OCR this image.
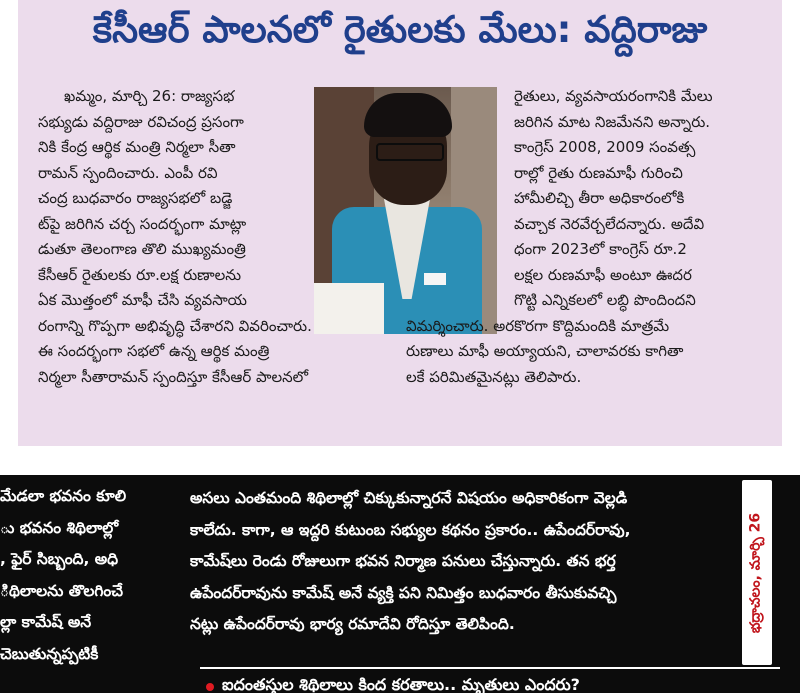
కేసీఆర్ పాలనలో రైతులకు మేలు: వద్దిరాజు
ఖమ్మం, మార్చి 26: రాజ్యసభ
సభ్యుడు వద్దిరాజు రవిచంద్ర ప్రసంగా
నికి కేంద్ర ఆర్థిక మంత్రి నిర్మలా సీతా
రామన్ స్పందించారు. ఎంపీ రవి
చంద్ర బుధవారం రాజ్యసభలో బడ్జె
ట్‌పై జరిగిన చర్చ సందర్భంగా మాట్లా
డుతూ తెలంగాణ తొలి ముఖ్యమంత్రి
కేసీఆర్ రైతులకు రూ.లక్ష రుణాలను
ఏక మొత్తంలో మాఫీ చేసి వ్యవసాయ
రంగాన్ని గొప్పగా అభివృద్ధి చేశారని వివరించారు.
ఈ సందర్భంగా సభలో ఉన్న ఆర్థిక మంత్రి
నిర్మలా సీతారామన్ స్పందిస్తూ కేసీఆర్ పాలనలో
రైతులు, వ్యవసాయరంగానికి మేలు
జరిగిన మాట నిజమేనని అన్నారు.
కాంగ్రెస్ 2008, 2009 సంవత్స
రాల్లో రైతు రుణమాఫీ గురించి
హామీలిచ్చి తీరా అధికారంలోకి
వచ్చాక నెరవేర్చలేదన్నారు. అదేవి
ధంగా 2023లో కాంగ్రెస్ రూ.2
లక్షల రుణమాఫీ అంటూ ఊదర
గొట్టి ఎన్నికలలో లబ్ధి పొందిందని
విమర్శించారు. అరకొరగా కొద్దిమందికి మాత్రమే
రుణాలు మాఫీ అయ్యాయని, చాలావరకు కాగితా
లకే పరిమితమైనట్లు తెలిపారు.
మేడలా భవనం కూలి
ు భవనం శిథిలాల్లో
, ఫైర్ సిబ్బంది, అధి
ిథిలాలను తొలగించే
ల్లా కామేష్ అనే
చెబుతున్నప్పటికీ
అసలు ఎంతమంది శిథిలాల్లో చిక్కుకున్నారనే విషయం అధికారికంగా వెల్లడి
కాలేదు. కాగా, ఆ ఇద్దరి కుటుంబ సభ్యుల కథనం ప్రకారం.. ఉపేందర్‌రావు,
కామేష్‌లు రెండు రోజులుగా భవన నిర్మాణ పనులు చేస్తున్నారు. తన భర్త
ఉపేందర్‌రావును కామేష్ అనే వ్యక్తి పని నిమిత్తం బుధవారం తీసుకువచ్చి
నట్లు ఉపేందర్‌రావు భార్య రమాదేవి రోదిస్తూ తెలిపింది.	భద్రాచలం, మార్చి 26
ఐదంతస్తుల శిథిలాలు కింద కరతాలు.. మృతులు ఎందరు?
